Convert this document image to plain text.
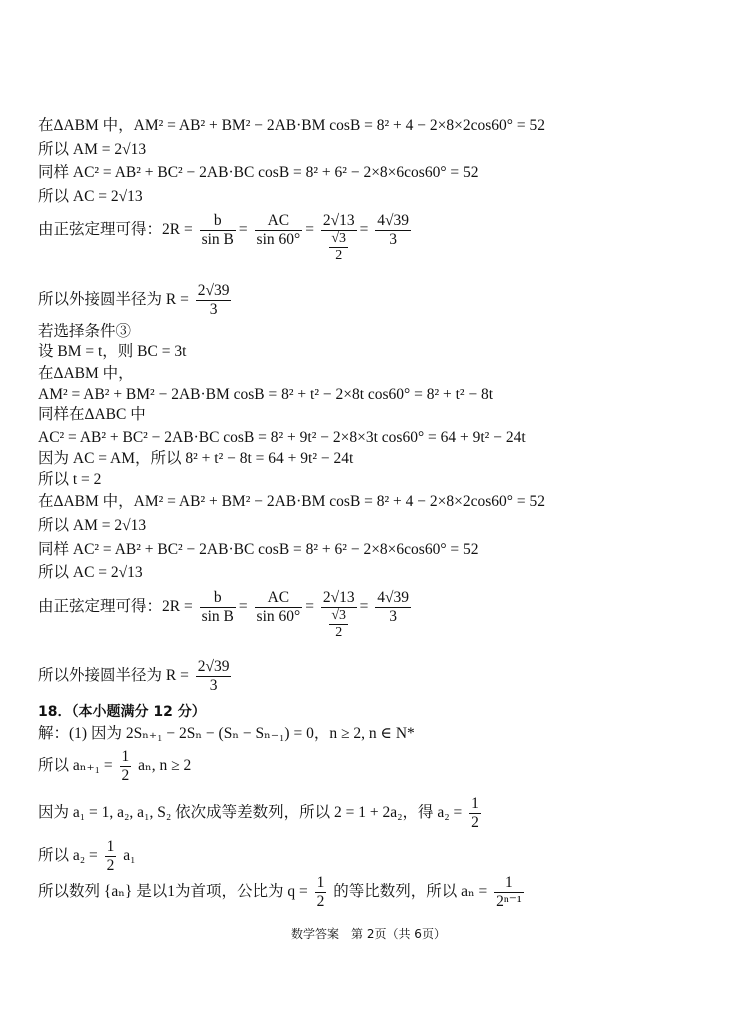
在ΔABM 中，AM² = AB² + BM² − 2AB·BM cosB = 8² + 4 − 2×8×2cos60° = 52
所以 AM = 2√13
同样 AC² = AB² + BC² − 2AB·BC cosB = 8² + 6² − 2×8×6cos60° = 52
所以 AC = 2√13
由正弦定理可得：$2R = \frac{b}{\text{sin B}} = \frac{AC}{\sin 60^\circ} = \frac{2√13}{\frac{√3}{2}} = \frac{4√39}{3}$
所以外接圆半径为 $R = \frac{2√39}{3}$
若选择条件③
设 BM = t，则 BC = 3t
在ΔABM 中，
AM² = AB² + BM² − 2AB·BM cosB = 8² + t² − 2×8t cos60° = 8² + t² − 8t
同样在ΔABC 中
AC² = AB² + BC² − 2AB·BC cosB = 8² + 9t² − 2×8×3t cos60° = 64 + 9t² − 24t
因为 AC = AM，所以 8² + t² − 8t = 64 + 9t² − 24t
所以 t = 2
在ΔABM 中，AM² = AB² + BM² − 2AB·BM cosB = 8² + 4 − 2×8×2cos60° = 52
所以 AM = 2√13
同样 AC² = AB² + BC² − 2AB·BC cosB = 8² + 6² − 2×8×6cos60° = 52
所以 AC = 2√13
由正弦定理可得：$2R = \frac{b}{\text{sin B}} = \frac{AC}{\sin 60^\circ} = \frac{2√13}{\frac{√3}{2}} = \frac{4√39}{3}$
所以外接圆半径为 $R = \frac{2√39}{3}$
18．（本小题满分 12 分）
解：(1) 因为 2Sₙ₊₁ − 2Sₙ − (Sₙ − Sₙ₋₁) = 0，n ≥ 2, n ∈ N*
所以 $a_{n+1} = \frac{1}{2} a_n$, n ≥ 2
因为 a₁ = 1, a₂, a₁, S₂ 依次成等差数列，所以 2 = 1 + 2a₂，得 $a_2 = \frac{1}{2}$
所以 $a_2 = \frac{1}{2} a_1$
所以数列 {aₙ} 是以1为首项，公比为 $q = \frac{1}{2}$ 的等比数列，所以 $a_n = \frac{1}{\text{2ⁿ⁻¹}}$
数学答案　第 2页（共 6页）
